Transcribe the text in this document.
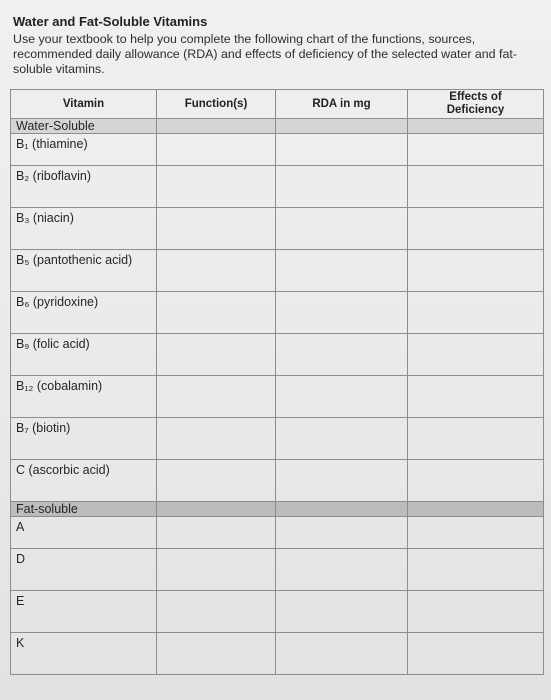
Water and Fat-Soluble Vitamins
Use your textbook to help you complete the following chart of the functions, sources, recommended daily allowance (RDA) and effects of deficiency of the selected water and fat-soluble vitamins.
Vitamin	Function(s)	RDA in mg	Effects of Deficiency
Water-Soluble			
B₁ (thiamine)			
B₂ (riboflavin)			
B₃ (niacin)			
B₅ (pantothenic acid)			
B₆ (pyridoxine)			
B₉ (folic acid)			
B₁₂ (cobalamin)			
B₇ (biotin)			
C (ascorbic acid)			
Fat-soluble			
A			
D			
E			
K			
